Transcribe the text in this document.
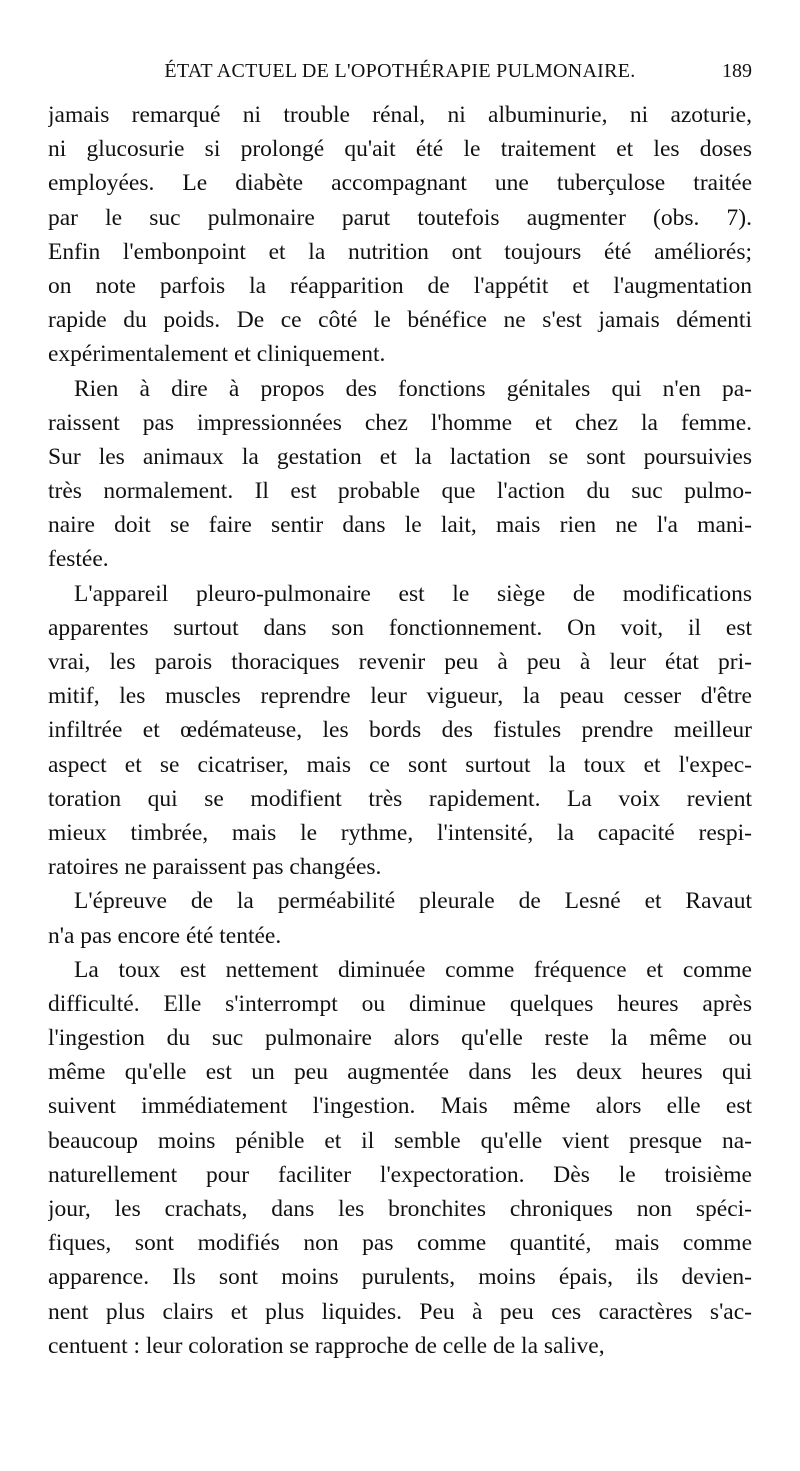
ÉTAT ACTUEL DE L'OPOTHÉRAPIE PULMONAIRE.	189
jamais remarqué ni trouble rénal, ni albuminurie, ni azoturie,
ni glucosurie si prolongé qu'ait été le traitement et les doses
employées. Le diabète accompagnant une tuberçulose traitée
par le suc pulmonaire parut toutefois augmenter (obs. 7).
Enfin l'embonpoint et la nutrition ont toujours été améliorés;
on note parfois la réapparition de l'appétit et l'augmentation
rapide du poids. De ce côté le bénéfice ne s'est jamais démenti
expérimentalement et cliniquement.
Rien à dire à propos des fonctions génitales qui n'en pa-
raissent pas impressionnées chez l'homme et chez la femme.
Sur les animaux la gestation et la lactation se sont poursuivies
très normalement. Il est probable que l'action du suc pulmo-
naire doit se faire sentir dans le lait, mais rien ne l'a mani-
festée.
L'appareil pleuro-pulmonaire est le siège de modifications
apparentes surtout dans son fonctionnement. On voit, il est
vrai, les parois thoraciques revenir peu à peu à leur état pri-
mitif, les muscles reprendre leur vigueur, la peau cesser d'être
infiltrée et œdémateuse, les bords des fistules prendre meilleur
aspect et se cicatriser, mais ce sont surtout la toux et l'expec-
toration qui se modifient très rapidement. La voix revient
mieux timbrée, mais le rythme, l'intensité, la capacité respi-
ratoires ne paraissent pas changées.
L'épreuve de la perméabilité pleurale de Lesné et Ravaut
n'a pas encore été tentée.
La toux est nettement diminuée comme fréquence et comme
difficulté. Elle s'interrompt ou diminue quelques heures après
l'ingestion du suc pulmonaire alors qu'elle reste la même ou
même qu'elle est un peu augmentée dans les deux heures qui
suivent immédiatement l'ingestion. Mais même alors elle est
beaucoup moins pénible et il semble qu'elle vient presque na-
naturellement pour faciliter l'expectoration. Dès le troisième
jour, les crachats, dans les bronchites chroniques non spéci-
fiques, sont modifiés non pas comme quantité, mais comme
apparence. Ils sont moins purulents, moins épais, ils devien-
nent plus clairs et plus liquides. Peu à peu ces caractères s'ac-
centuent : leur coloration se rapproche de celle de la salive,
